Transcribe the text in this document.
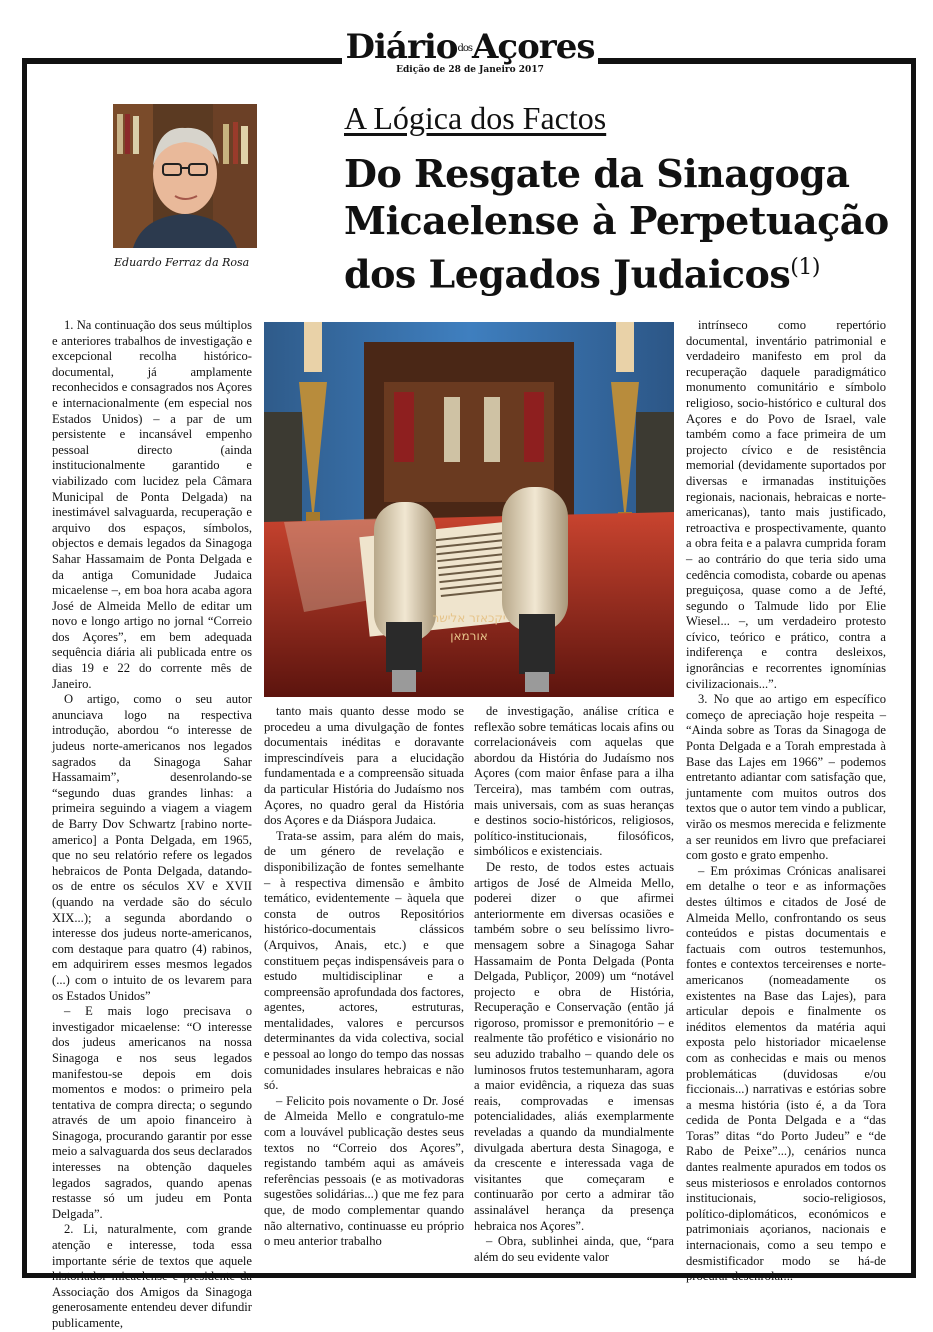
DiáriodosAçores
Edição de 28 de Janeiro 2017
Eduardo Ferraz da Rosa
A Lógica dos Factos
Do Resgate da Sinagoga Micaelense à Perpetuação dos Legados Judaicos$^{(1)}$

1. Na continuação dos seus múltiplos e anteriores trabalhos de investigação e excepcional recolha histórico-documental, já amplamente reconhecidos e consagrados nos Açores e internacionalmente (em especial nos Estados Unidos) – a par de um persistente e incansável empenho pessoal directo (ainda institucionalmente garantido e viabilizado com lucidez pela Câmara Municipal de Ponta Delgada) na inestimável salvaguarda, recuperação e arquivo dos espaços, símbolos, objectos e demais legados da Sinagoga Sahar Hassamaim de Ponta Delgada e da antiga Comunidade Judaica micaelense –, em boa hora acaba agora José de Almeida Mello de editar um novo e longo artigo no jornal “Correio dos Açores”, em bem adequada sequência diária ali publicada entre os dias 19 e 22 do corrente mês de Janeiro.

O artigo, como o seu autor anunciava logo na respectiva introdução, abordou “o interesse de judeus norte-americanos nos legados sagrados da Sinagoga Sahar Hassamaim”, desenrolando-se “segundo duas grandes linhas: a primeira seguindo a viagem a viagem de Barry Dov Schwartz [rabino norte-americo] a Ponta Delgada, em 1965, que no seu relatório refere os legados hebraicos de Ponta Delgada, datando-os de entre os séculos XV e XVII (quando na verdade são do século XIX...); a segunda abordando o interesse dos judeus norte-americanos, com destaque para quatro (4) rabinos, em adquirirem esses mesmos legados (...) com o intuito de os levarem para os Estados Unidos”

– E mais logo precisava o investigador micaelense: “O interesse dos judeus americanos na nossa Sinagoga e nos seus legados manifestou-se depois em dois momentos e modos: o primeiro pela tentativa de compra directa; o segundo através de um apoio financeiro à Sinagoga, procurando garantir por esse meio a salvaguarda dos seus declarados interesses na obtenção daqueles legados sagrados, quando apenas restasse só um judeu em Ponta Delgada”.

2. Li, naturalmente, com grande atenção e interesse, toda essa importante série de textos que aquele historiador micaelense e presidente da Associação dos Amigos da Sinagoga generosamente entendeu dever difundir publicamente,

יקכאזר אלישר
אורמאן

tanto mais quanto desse modo se procedeu a uma divulgação de fontes documentais inéditas e doravante imprescindíveis para a elucidação fundamentada e a compreensão situada da particular História do Judaísmo nos Açores, no quadro geral da História dos Açores e da Diáspora Judaica.

Trata-se assim, para além do mais, de um género de revelação e disponibilização de fontes semelhante – à respectiva dimensão e âmbito temático, evidentemente – àquela que consta de outros Repositórios histórico-documentais clássicos (Arquivos, Anais, etc.) e que constituem peças indispensáveis para o estudo multidisciplinar e a compreensão aprofundada dos factores, agentes, actores, estruturas, mentalidades, valores e percursos determinantes da vida colectiva, social e pessoal ao longo do tempo das nossas comunidades insulares hebraicas e não só.

– Felicito pois novamente o Dr. José de Almeida Mello e congratulo-me com a louvável publicação destes seus textos no “Correio dos Açores”, registando também aqui as amáveis referências pessoais (e as motivadoras sugestões solidárias...) que me fez para que, de modo complementar quando não alternativo, continuasse eu próprio o meu anterior trabalho

de investigação, análise crítica e reflexão sobre temáticas locais afins ou correlacionáveis com aquelas que abordou da História do Judaísmo nos Açores (com maior ênfase para a ilha Terceira), mas também com outras, mais universais, com as suas heranças e destinos socio-históricos, religiosos, político-institucionais, filosóficos, simbólicos e existenciais.

De resto, de todos estes actuais artigos de José de Almeida Mello, poderei dizer o que afirmei anteriormente em diversas ocasiões e também sobre o seu belíssimo livro-mensagem sobre a Sinagoga Sahar Hassamaim de Ponta Delgada (Ponta Delgada, Publiçor, 2009) um “notável projecto e obra de História, Recuperação e Conservação (então já rigoroso, promissor e premonitório – e realmente tão profético e visionário no seu aduzido trabalho – quando dele os luminosos frutos testemunharam, agora a maior evidência, a riqueza das suas reais, comprovadas e imensas potencialidades, aliás exemplarmente reveladas a quando da mundialmente divulgada abertura desta Sinagoga, e da crescente e interessada vaga de visitantes que começaram e continuarão por certo a admirar tão assinalável herança da presença hebraica nos Açores”.

– Obra, sublinhei ainda, que, “para além do seu evidente valor

intrínseco como repertório documental, inventário patrimonial e verdadeiro manifesto em prol da recuperação daquele paradigmático monumento comunitário e símbolo religioso, socio-histórico e cultural dos Açores e do Povo de Israel, vale também como a face primeira de um projecto cívico e de resistência memorial (devidamente suportados por diversas e irmanadas instituições regionais, nacionais, hebraicas e norte-americanas), tanto mais justificado, retroactiva e prospectivamente, quanto a obra feita e a palavra cumprida foram – ao contrário do que teria sido uma cedência comodista, cobarde ou apenas preguiçosa, quase como a de Jefté, segundo o Talmude lido por Elie Wiesel... –, um verdadeiro protesto cívico, teórico e prático, contra a indiferença e contra desleixos, ignorâncias e recorrentes ignomínias civilizacionais...”.

3. No que ao artigo em específico começo de apreciação hoje respeita – “Ainda sobre as Toras da Sinagoga de Ponta Delgada e a Torah emprestada à Base das Lajes em 1966” – podemos entretanto adiantar com satisfação que, juntamente com muitos outros dos textos que o autor tem vindo a publicar, virão os mesmos merecida e felizmente a ser reunidos em livro que prefaciarei com gosto e grato empenho.

– Em próximas Crónicas analisarei em detalhe o teor e as informações destes últimos e citados de José de Almeida Mello, confrontando os seus conteúdos e pistas documentais e factuais com outros testemunhos, fontes e contextos terceirenses e norte-americanos (nomeadamente os existentes na Base das Lajes), para articular depois e finalmente os inéditos elementos da matéria aqui exposta pelo historiador micaelense com as conhecidas e mais ou menos problemáticas (duvidosas e/ou ficcionais...) narrativas e estórias sobre a mesma história (isto é, a da Tora cedida de Ponta Delgada e a “das Toras” ditas “do Porto Judeu” e “de Rabo de Peixe”...), cenários nunca dantes realmente apurados em todos os seus misteriosos e enrolados contornos institucionais, socio-religiosos, político-diplomáticos, económicos e patrimoniais açorianos, nacionais e internacionais, como a seu tempo e desmistificador modo se há-de procurar desenrolar...
